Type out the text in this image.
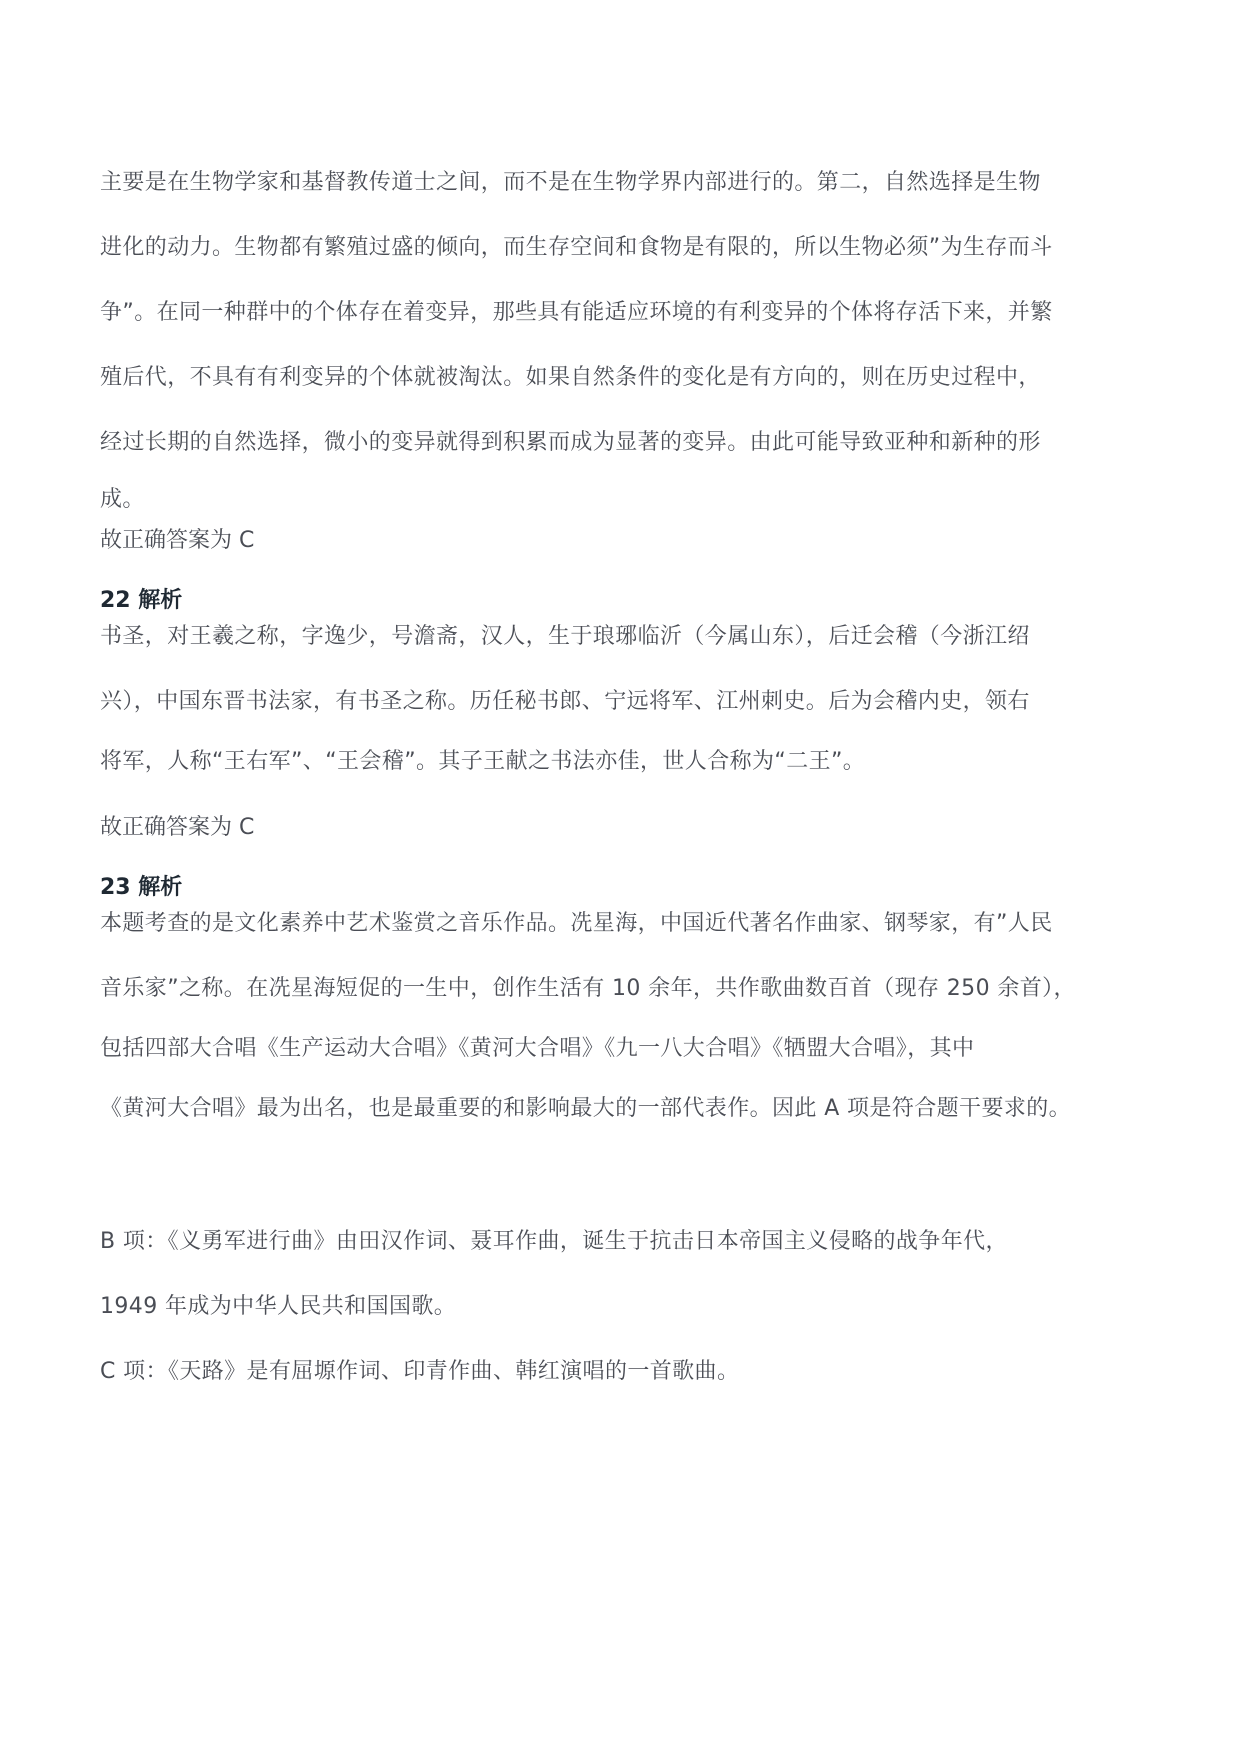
主要是在生物学家和基督教传道士之间，而不是在生物学界内部进行的。第二，自然选择是生物
进化的动力。生物都有繁殖过盛的倾向，而生存空间和食物是有限的，所以生物必须”为生存而斗
争”。在同一种群中的个体存在着变异，那些具有能适应环境的有利变异的个体将存活下来，并繁
殖后代，不具有有利变异的个体就被淘汰。如果自然条件的变化是有方向的，则在历史过程中，
经过长期的自然选择，微小的变异就得到积累而成为显著的变异。由此可能导致亚种和新种的形
成。

故正确答案为 C

22 解析
书圣，对王羲之称，字逸少，号澹斋，汉人，生于琅琊临沂（今属山东），后迁会稽（今浙江绍
兴），中国东晋书法家，有书圣之称。历任秘书郎、宁远将军、江州刺史。后为会稽内史，领右
将军，人称“王右军”、“王会稽”。其子王献之书法亦佳，世人合称为“二王”。

故正确答案为 C

23 解析
本题考查的是文化素养中艺术鉴赏之音乐作品。冼星海，中国近代著名作曲家、钢琴家，有”人民
音乐家”之称。在冼星海短促的一生中，创作生活有 10 余年，共作歌曲数百首（现存 250 余首），
包括四部大合唱《生产运动大合唱》《黄河大合唱》《九一八大合唱》《牺盟大合唱》，其中
《黄河大合唱》最为出名，也是最重要的和影响最大的一部代表作。因此 A 项是符合题干要求的。
B 项：《义勇军进行曲》由田汉作词、聂耳作曲，诞生于抗击日本帝国主义侵略的战争年代，
1949 年成为中华人民共和国国歌。

C 项：《天路》是有屈塬作词、印青作曲、韩红演唱的一首歌曲。
